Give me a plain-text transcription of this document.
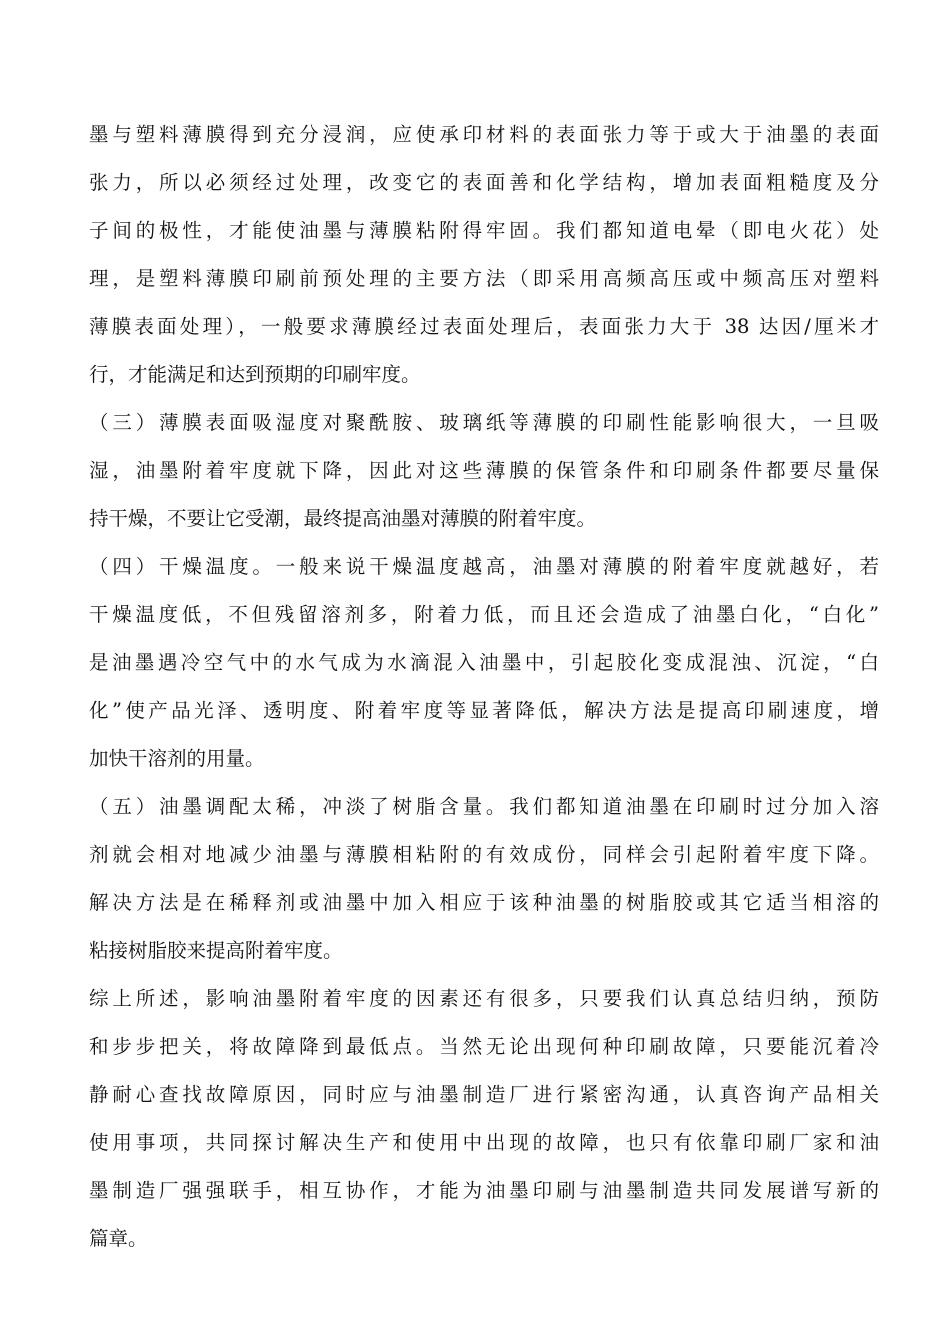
墨与塑料薄膜得到充分浸润，应使承印材料的表面张力等于或大于油墨的表面
张力，所以必须经过处理，改变它的表面善和化学结构，增加表面粗糙度及分
子间的极性，才能使油墨与薄膜粘附得牢固。我们都知道电晕（即电火花）处
理，是塑料薄膜印刷前预处理的主要方法（即采用高频高压或中频高压对塑料
薄膜表面处理），一般要求薄膜经过表面处理后，表面张力大于 38 达因/厘米才
行，才能满足和达到预期的印刷牢度。
（三）薄膜表面吸湿度对聚酰胺、玻璃纸等薄膜的印刷性能影响很大，一旦吸
湿，油墨附着牢度就下降，因此对这些薄膜的保管条件和印刷条件都要尽量保
持干燥，不要让它受潮，最终提高油墨对薄膜的附着牢度。
（四）干燥温度。一般来说干燥温度越高，油墨对薄膜的附着牢度就越好，若
干燥温度低，不但残留溶剂多，附着力低，而且还会造成了油墨白化，“白化”
是油墨遇冷空气中的水气成为水滴混入油墨中，引起胶化变成混浊、沉淀，“白
化”使产品光泽、透明度、附着牢度等显著降低，解决方法是提高印刷速度，增
加快干溶剂的用量。
（五）油墨调配太稀，冲淡了树脂含量。我们都知道油墨在印刷时过分加入溶
剂就会相对地减少油墨与薄膜相粘附的有效成份，同样会引起附着牢度下降。
解决方法是在稀释剂或油墨中加入相应于该种油墨的树脂胶或其它适当相溶的
粘接树脂胶来提高附着牢度。
综上所述，影响油墨附着牢度的因素还有很多，只要我们认真总结归纳，预防
和步步把关，将故障降到最低点。当然无论出现何种印刷故障，只要能沉着冷
静耐心查找故障原因，同时应与油墨制造厂进行紧密沟通，认真咨询产品相关
使用事项，共同探讨解决生产和使用中出现的故障，也只有依靠印刷厂家和油
墨制造厂强强联手，相互协作，才能为油墨印刷与油墨制造共同发展谱写新的
篇章。
